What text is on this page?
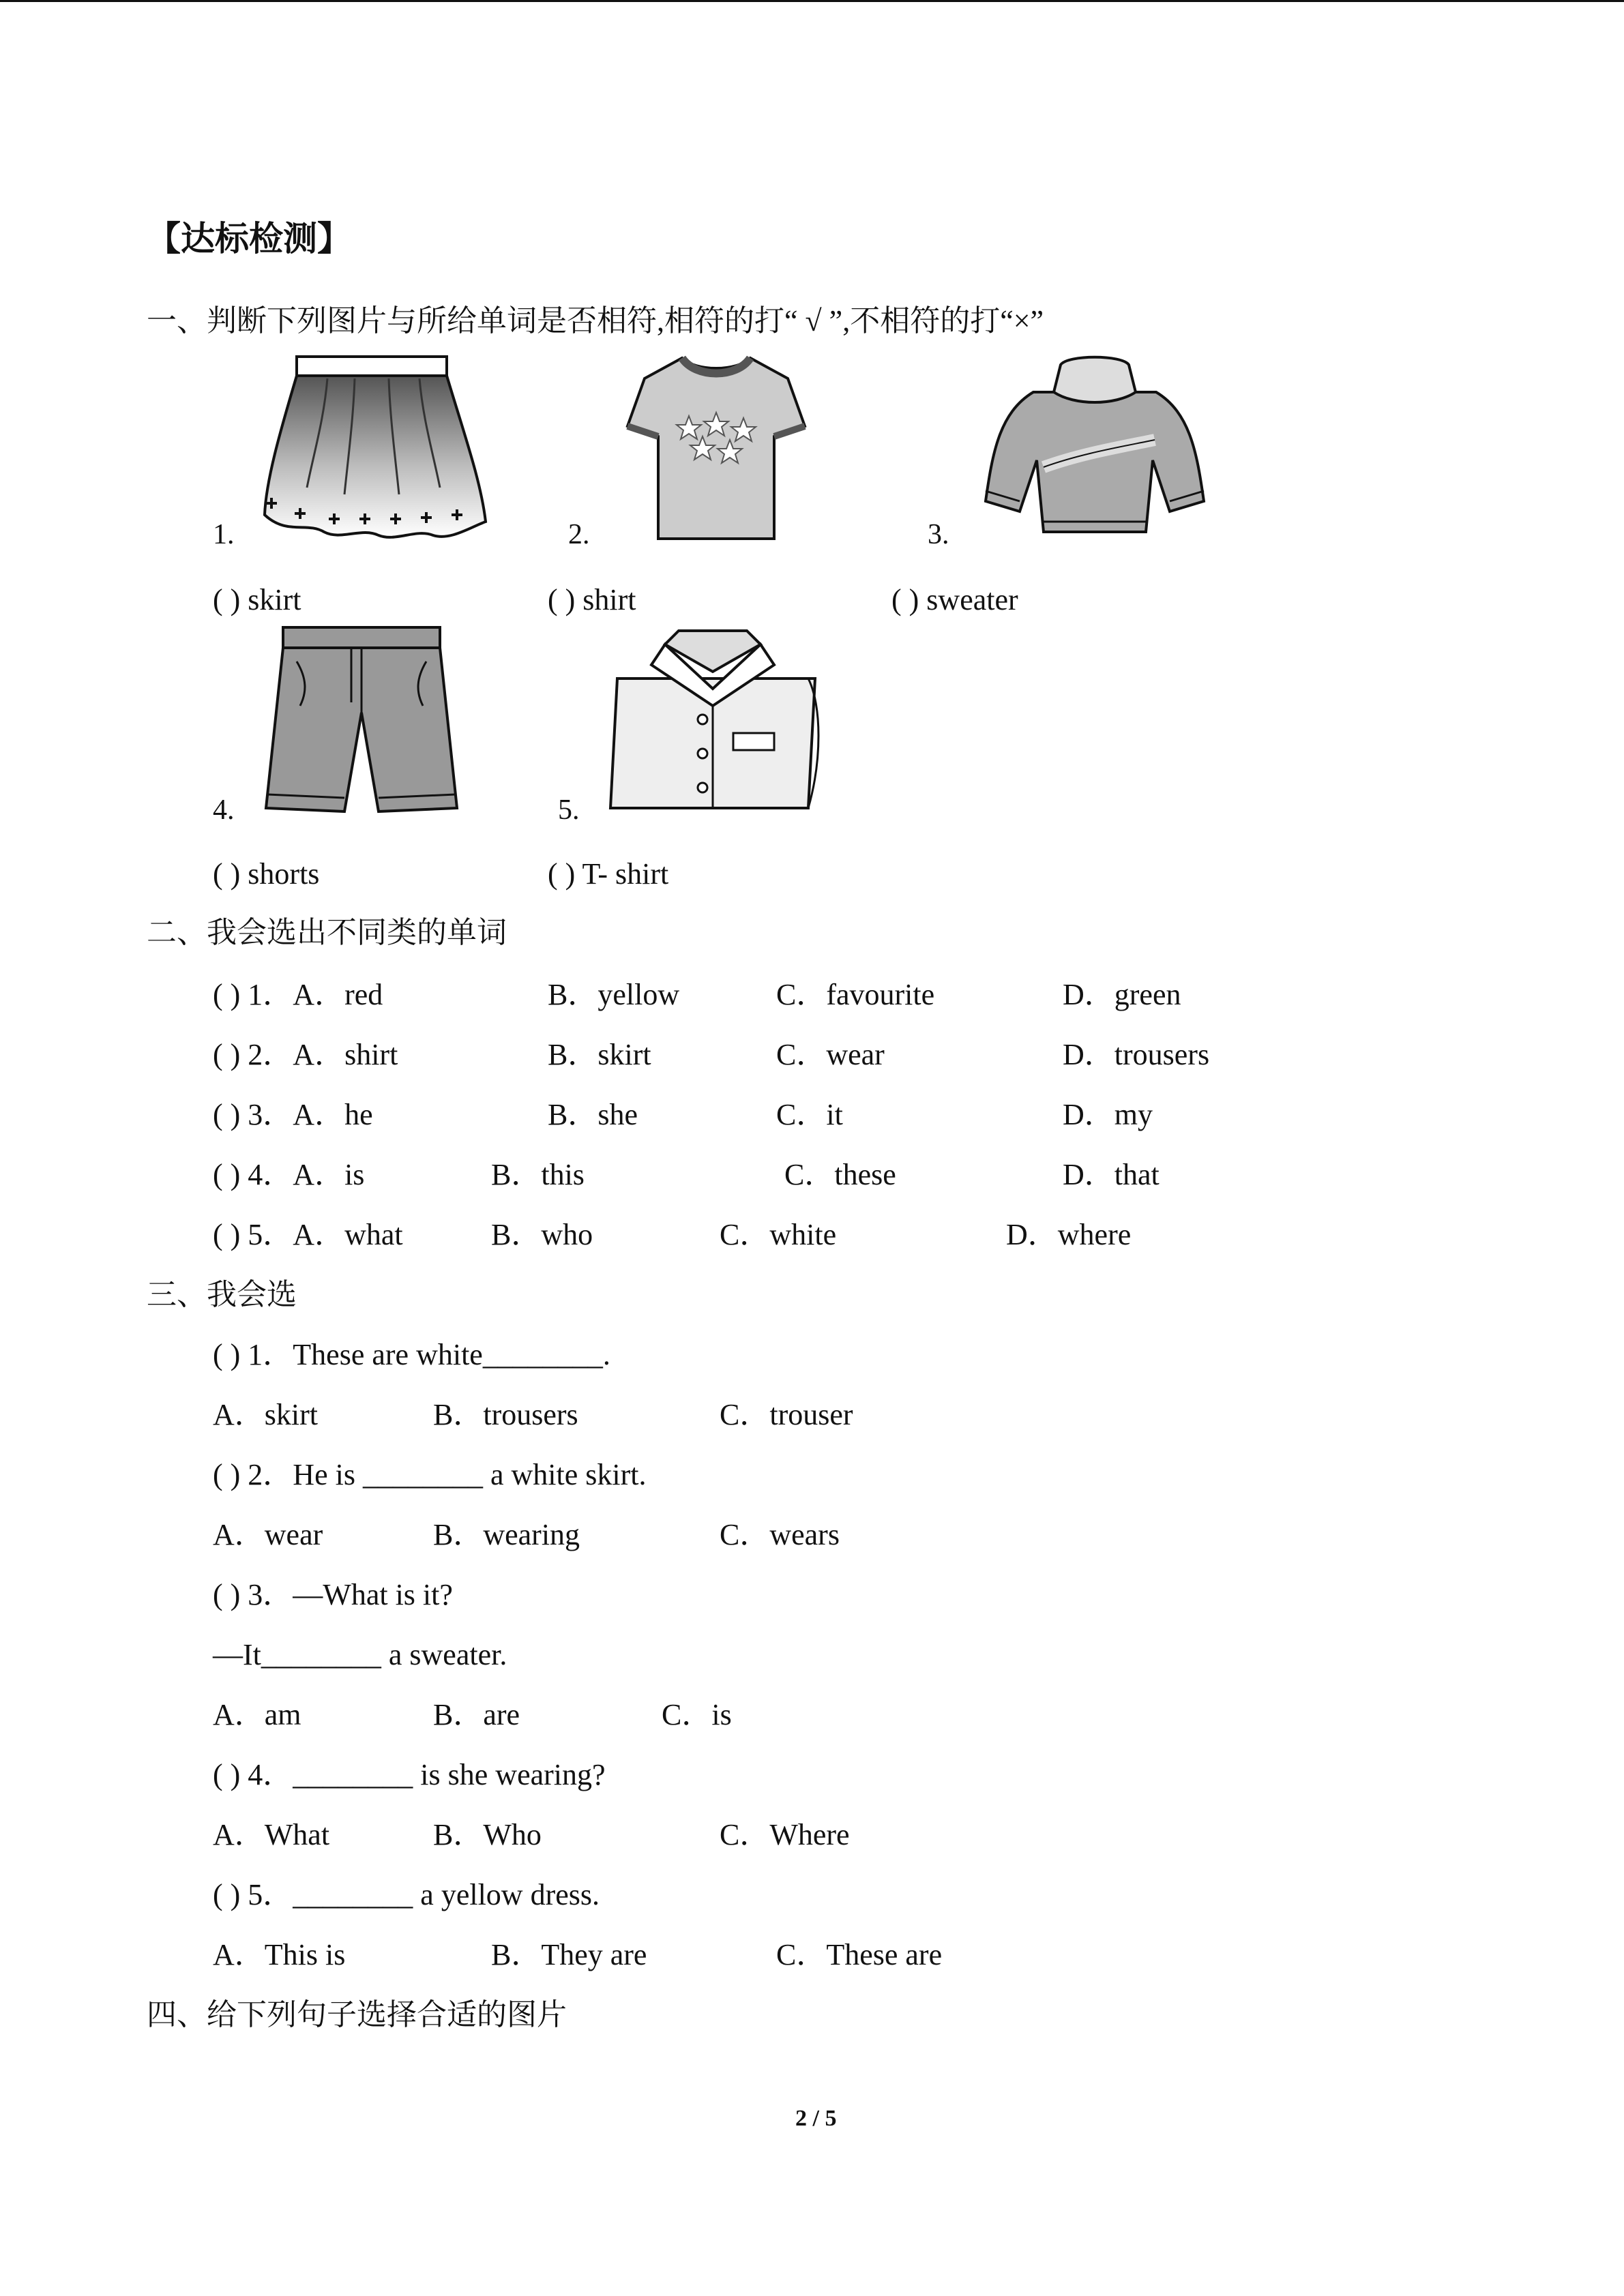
【达标检测】
一、判断下列图片与所给单词是否相符,相符的打“ √ ”,不相符的打“×”
1.	2.	3.
( ) skirt	( ) shirt	( ) sweater
4.	5.
( ) shorts	( ) T- shirt
二、我会选出不同类的单词
( ) 1．A．red	B．yellow	C．favourite	D．green
( ) 2．A．shirt	B．skirt	C．wear	D．trousers
( ) 3．A．he	B．she	C．it	D．my
( ) 4．A．is	B．this	C．these	D．that
( ) 5．A．what	B．who	C．white	D．where
三、我会选
( ) 1．These are white________.
A．skirt	B．trousers	C．trouser
( ) 2．He is ________ a white skirt.
A．wear	B．wearing	C．wears
( ) 3．—What is it?
—It________ a sweater.
A．am	B．are	C．is
( ) 4．________ is she wearing?
A．What	B．Who	C．Where
( ) 5．________ a yellow dress.
A．This is	B．They are	C．These are
四、给下列句子选择合适的图片
2 / 5
